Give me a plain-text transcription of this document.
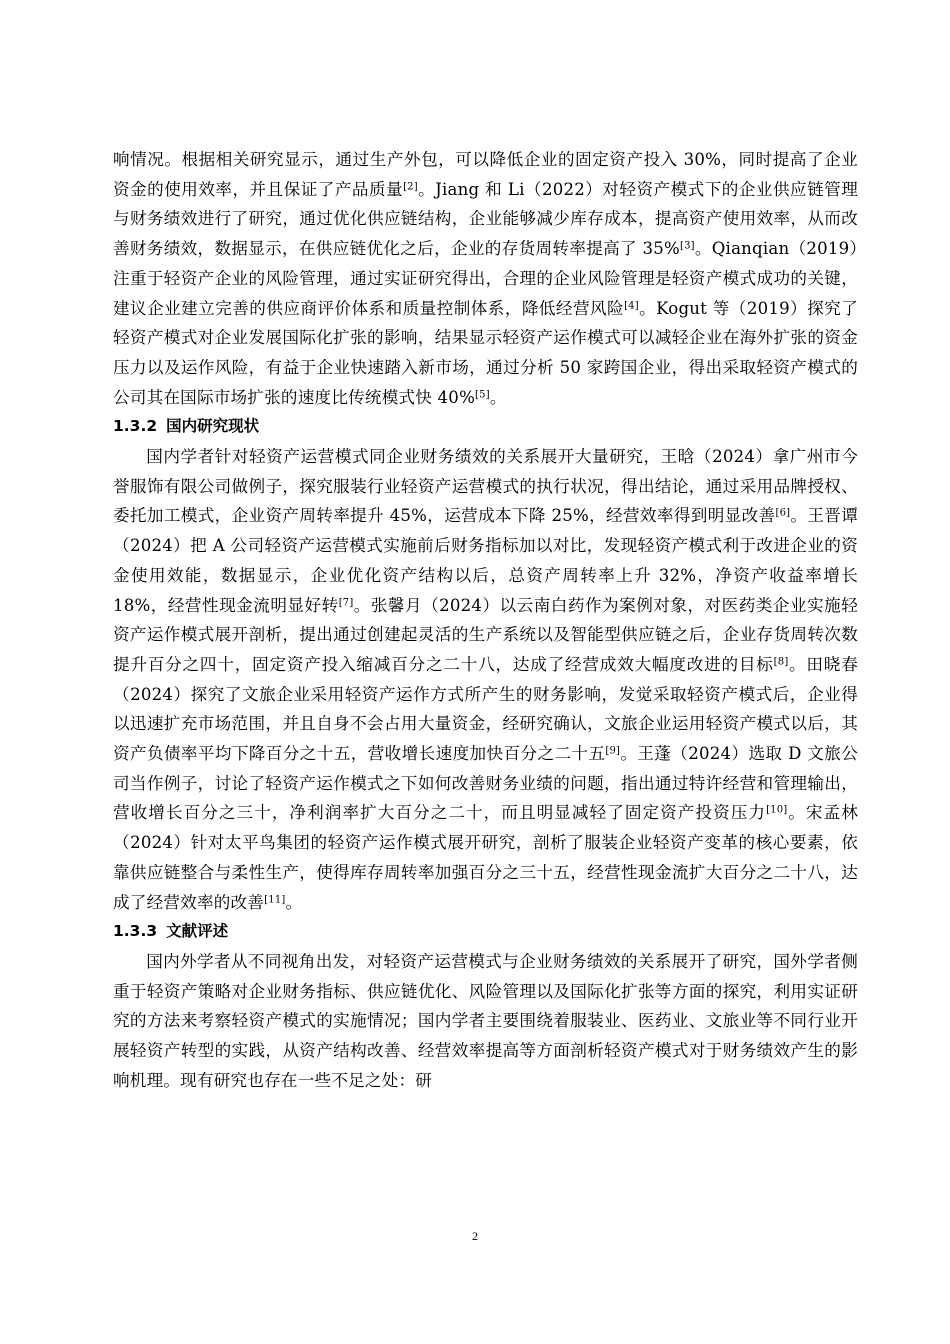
响情况。根据相关研究显示，通过生产外包，可以降低企业的固定资产投入 30%，同时提高了企业资金的使用效率，并且保证了产品质量[2]。Jiang 和 Li（2022）对轻资产模式下的企业供应链管理与财务绩效进行了研究，通过优化供应链结构，企业能够减少库存成本，提高资产使用效率，从而改善财务绩效，数据显示，在供应链优化之后，企业的存货周转率提高了 35%[3]。Qianqian（2019）注重于轻资产企业的风险管理，通过实证研究得出，合理的企业风险管理是轻资产模式成功的关键，建议企业建立完善的供应商评价体系和质量控制体系，降低经营风险[4]。Kogut 等（2019）探究了轻资产模式对企业发展国际化扩张的影响，结果显示轻资产运作模式可以减轻企业在海外扩张的资金压力以及运作风险，有益于企业快速踏入新市场，通过分析 50 家跨国企业，得出采取轻资产模式的公司其在国际市场扩张的速度比传统模式快 40%[5]。

1.3.2 国内研究现状

国内学者针对轻资产运营模式同企业财务绩效的关系展开大量研究，王晗（2024）拿广州市今誉服饰有限公司做例子，探究服装行业轻资产运营模式的执行状况，得出结论，通过采用品牌授权、委托加工模式，企业资产周转率提升 45%，运营成本下降 25%，经营效率得到明显改善[6]。王晋谭（2024）把 A 公司轻资产运营模式实施前后财务指标加以对比，发现轻资产模式利于改进企业的资金使用效能，数据显示，企业优化资产结构以后，总资产周转率上升 32%，净资产收益率增长 18%，经营性现金流明显好转[7]。张馨月（2024）以云南白药作为案例对象，对医药类企业实施轻资产运作模式展开剖析，提出通过创建起灵活的生产系统以及智能型供应链之后，企业存货周转次数提升百分之四十，固定资产投入缩减百分之二十八，达成了经营成效大幅度改进的目标[8]。田晓春（2024）探究了文旅企业采用轻资产运作方式所产生的财务影响，发觉采取轻资产模式后，企业得以迅速扩充市场范围，并且自身不会占用大量资金，经研究确认，文旅企业运用轻资产模式以后，其资产负债率平均下降百分之十五，营收增长速度加快百分之二十五[9]。王蓬（2024）选取 D 文旅公司当作例子，讨论了轻资产运作模式之下如何改善财务业绩的问题，指出通过特许经营和管理输出，营收增长百分之三十，净利润率扩大百分之二十，而且明显减轻了固定资产投资压力[10]。宋孟林（2024）针对太平鸟集团的轻资产运作模式展开研究，剖析了服装企业轻资产变革的核心要素，依靠供应链整合与柔性生产，使得库存周转率加强百分之三十五，经营性现金流扩大百分之二十八，达成了经营效率的改善[11]。

1.3.3 文献评述

国内外学者从不同视角出发，对轻资产运营模式与企业财务绩效的关系展开了研究，国外学者侧重于轻资产策略对企业财务指标、供应链优化、风险管理以及国际化扩张等方面的探究，利用实证研究的方法来考察轻资产模式的实施情况；国内学者主要围绕着服装业、医药业、文旅业等不同行业开展轻资产转型的实践，从资产结构改善、经营效率提高等方面剖析轻资产模式对于财务绩效产生的影响机理。现有研究也存在一些不足之处：研

2
